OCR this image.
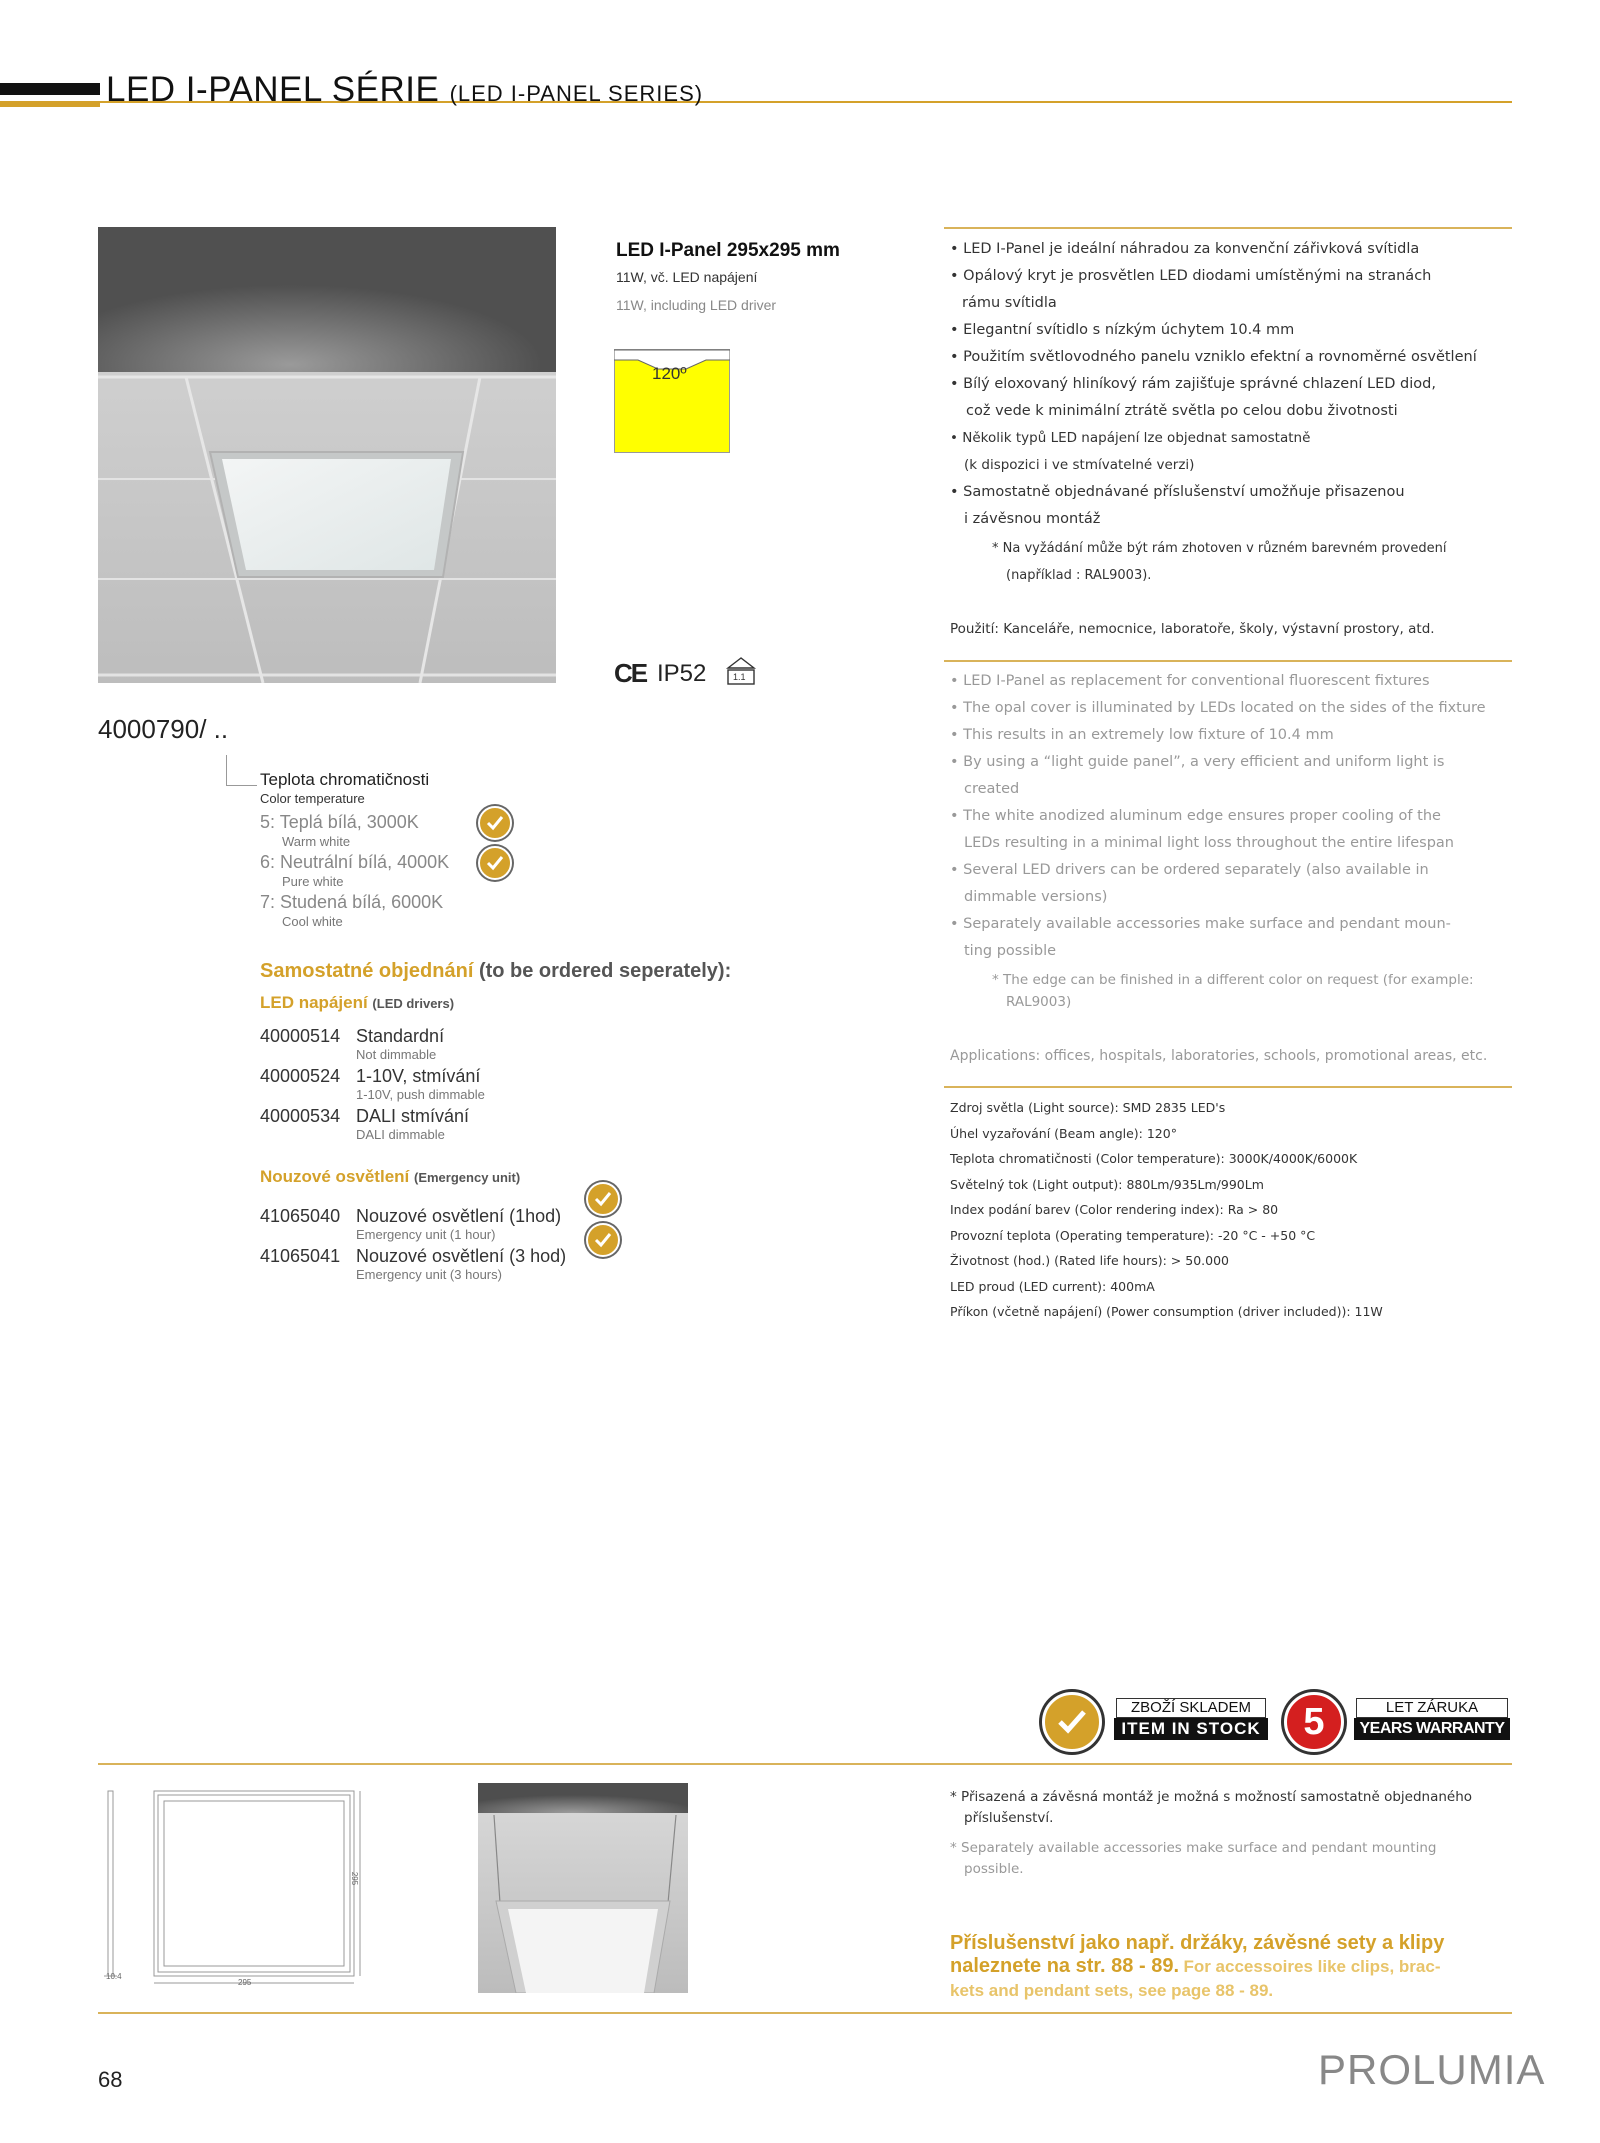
LED I-PANEL SÉRIE (LED I-PANEL SERIES)
LED I-Panel 295x295 mm
11W, vč. LED napájení
11W, including LED driver
120º
CE IP52	1.1
• LED I-Panel je ideální náhradou za konvenční zářivková svítidla
• Opálový kryt je prosvětlen LED diodami umístěnými na stranách
rámu svítidla
• Elegantní svítidlo s nízkým úchytem 10.4 mm
• Použitím světlovodného panelu vzniklo efektní a rovnoměrné osvětlení
• Bílý eloxovaný hliníkový rám zajišťuje správné chlazení LED diod,
což vede k minimální ztrátě světla po celou dobu životnosti
• Několik typů LED napájení lze objednat samostatně
(k dispozici i ve stmívatelné verzi)
• Samostatně objednávané příslušenství umožňuje přisazenou
i závěsnou montáž
* Na vyžádání může být rám zhotoven v různém barevném provedení
(například : RAL9003).
Použití: Kanceláře, nemocnice, laboratoře, školy, výstavní prostory, atd.
• LED I-Panel as replacement for conventional fluorescent fixtures
• The opal cover is illuminated by LEDs located on the sides of the fixture
• This results in an extremely low fixture of 10.4 mm
• By using a “light guide panel”, a very efficient and uniform light is
created
• The white anodized aluminum edge ensures proper cooling of the
LEDs resulting in a minimal light loss throughout the entire lifespan
• Several LED drivers can be ordered separately (also available in
dimmable versions)
• Separately available accessories make surface and pendant moun-
ting possible
* The edge can be finished in a different color on request (for example:
RAL9003)
Applications: offices, hospitals, laboratories, schools, promotional areas, etc.
Zdroj světla (Light source): SMD 2835 LED's
Úhel vyzařování (Beam angle): 120°
Teplota chromatičnosti (Color temperature): 3000K/4000K/6000K
Světelný tok (Light output): 880Lm/935Lm/990Lm
Index podání barev (Color rendering index): Ra > 80
Provozní teplota (Operating temperature): -20 °C - +50 °C
Životnost (hod.) (Rated life hours): > 50.000
LED proud (LED current): 400mA
Příkon (včetně napájení) (Power consumption (driver included)): 11W
4000790/ ..
Teplota chromatičnosti
Color temperature
5: Teplá bílá, 3000K
Warm white
6: Neutrální bílá, 4000K
Pure white
7: Studená bílá, 6000K
Cool white
Samostatné objednání (to be ordered seperately):
LED napájení (LED drivers)
40000514 Standardní
Not dimmable
40000524 1-10V, stmívání
1-10V, push dimmable
40000534 DALI stmívání
DALI dimmable
Nouzové osvětlení (Emergency unit)
41065040 Nouzové osvětlení (1hod)
Emergency unit (1 hour)
41065041 Nouzové osvětlení (3 hod)
Emergency unit (3 hours)
ZBOŽÍ SKLADEM
ITEM IN STOCK	5	LET ZÁRUKA
YEARS WARRANTY
10.4
295
295
* Přisazená a závěsná montáž je možná s možností samostatně objednaného
příslušenství.
* Separately available accessories make surface and pendant mounting
possible.
Příslušenství jako např. držáky, závěsné sety a klipy
naleznete na str. 88 - 89. For accessoires like clips, brac-
kets and pendant sets, see page 88 - 89.
68	PROLUMIA
